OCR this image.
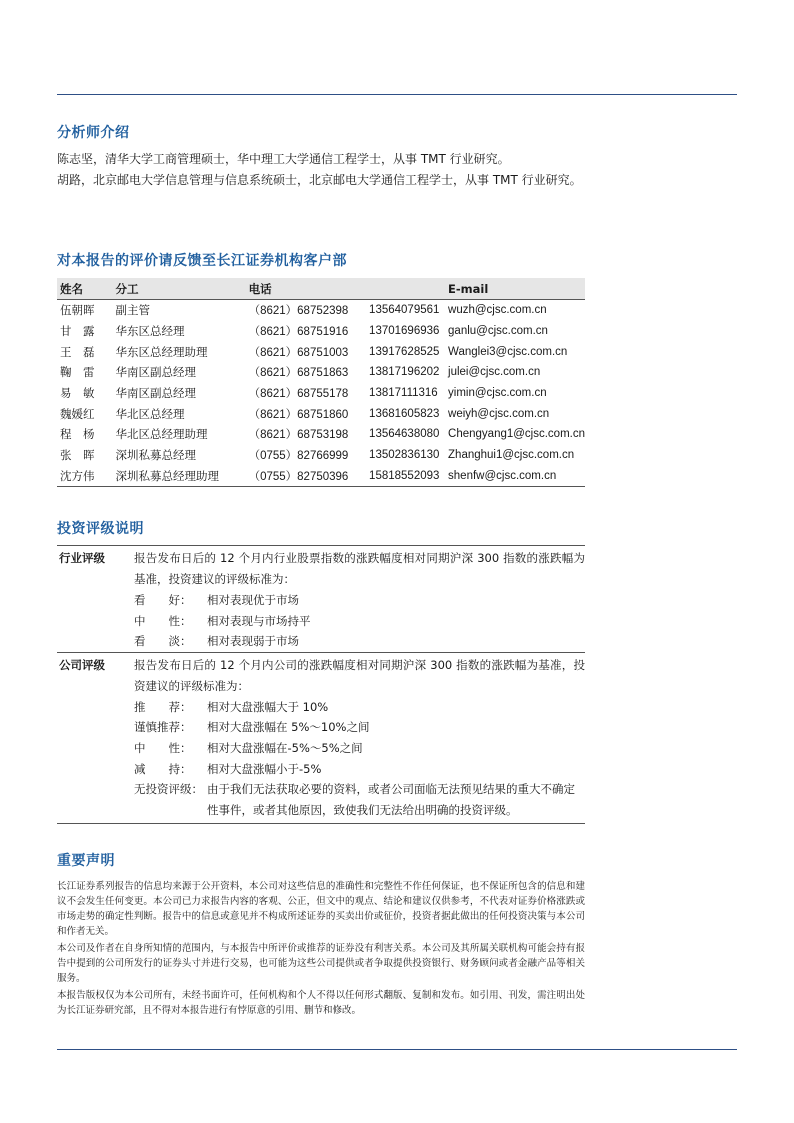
分析师介绍

陈志坚，清华大学工商管理硕士，华中理工大学通信工程学士，从事 TMT 行业研究。

胡路，北京邮电大学信息管理与信息系统硕士，北京邮电大学通信工程学士，从事 TMT 行业研究。

对本报告的评价请反馈至长江证券机构客户部
姓名	分工	电话		E-mail
伍朝晖	副主管	（8621）68752398	13564079561	wuzh@cjsc.com.cn
甘　露	华东区总经理	（8621）68751916	13701696936	ganlu@cjsc.com.cn
王　磊	华东区总经理助理	（8621）68751003	13917628525	Wanglei3@cjsc.com.cn
鞠　雷	华南区副总经理	（8621）68751863	13817196202	julei@cjsc.com.cn
易　敏	华南区副总经理	（8621）68755178	13817111316	yimin@cjsc.com.cn
魏媛红	华北区总经理	（8621）68751860	13681605823	weiyh@cjsc.com.cn
程　杨	华北区总经理助理	（8621）68753198	13564638080	Chengyang1@cjsc.com.cn
张　晖	深圳私募总经理	（0755）82766999	13502836130	Zhanghui1@cjsc.com.cn
沈方伟	深圳私募总经理助理	（0755）82750396	15818552093	shenfw@cjsc.com.cn
投资评级说明
行业评级	报告发布日后的 12 个月内行业股票指数的涨跌幅度相对同期沪深 300 指数的涨跌幅为基准，投资建议的评级标准为：
看　　好：	相对表现优于市场
中　　性：	相对表现与市场持平
看　　淡：	相对表现弱于市场
公司评级	报告发布日后的 12 个月内公司的涨跌幅度相对同期沪深 300 指数的涨跌幅为基准，投资建议的评级标准为：
推　　荐：	相对大盘涨幅大于 10%
谨慎推荐：	相对大盘涨幅在 5%～10%之间
中　　性：	相对大盘涨幅在-5%～5%之间
减　　持：	相对大盘涨幅小于-5%
无投资评级： 由于我们无法获取必要的资料，或者公司面临无法预见结果的重大不确定性事件，或者其他原因，致使我们无法给出明确的投资评级。
重要声明

长江证券系列报告的信息均来源于公开资料，本公司对这些信息的准确性和完整性不作任何保证，也不保证所包含的信息和建议不会发生任何变更。本公司已力求报告内容的客观、公正，但文中的观点、结论和建议仅供参考，不代表对证券价格涨跌或市场走势的确定性判断。报告中的信息或意见并不构成所述证券的买卖出价或征价，投资者据此做出的任何投资决策与本公司和作者无关。

本公司及作者在自身所知情的范围内，与本报告中所评价或推荐的证券没有利害关系。本公司及其所属关联机构可能会持有报告中提到的公司所发行的证券头寸并进行交易，也可能为这些公司提供或者争取提供投资银行、财务顾问或者金融产品等相关服务。

本报告版权仅为本公司所有，未经书面许可，任何机构和个人不得以任何形式翻版、复制和发布。如引用、刊发，需注明出处为长江证券研究部，且不得对本报告进行有悖原意的引用、删节和修改。
